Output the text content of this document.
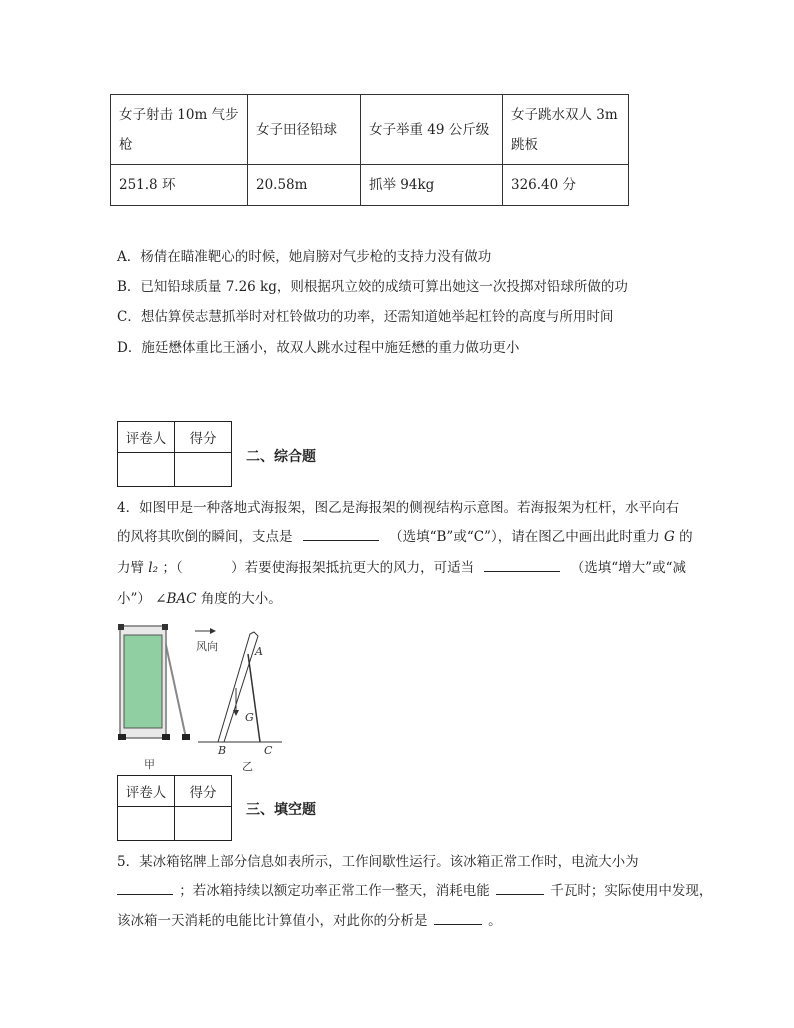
女子射击 10m 气步枪	女子田径铅球	女子举重 49 公斤级	女子跳水双人 3m 跳板
251.8 环	20.58m	抓举 94kg	326.40 分
A．杨倩在瞄准靶心的时候，她肩膀对气步枪的支持力没有做功
B．已知铅球质量 7.26 kg，则根据巩立姣的成绩可算出她这一次投掷对铅球所做的功
C．想估算侯志慧抓举时对杠铃做功的功率，还需知道她举起杠铃的高度与所用时间
D．施廷懋体重比王涵小，故双人跳水过程中施廷懋的重力做功更小
评卷人	得分

二、综合题
4．如图甲是一种落地式海报架，图乙是海报架的侧视结构示意图。若海报架为杠杆，水平向右
的风将其吹倒的瞬间，支点是	（选填“B”或“C”），请在图乙中画出此时重力 G 的
力臂 l₂ ；（	）若要使海报架抵抗更大的风力，可适当	（选填“增大”或“减
小”） ∠BAC 角度的大小。
甲
风向	A
G
B	C
乙
评卷人	得分

三、填空题
5．某冰箱铭牌上部分信息如表所示，工作间歇性运行。该冰箱正常工作时，电流大小为
；若冰箱持续以额定功率正常工作一整天，消耗电能	千瓦时；实际使用中发现，
该冰箱一天消耗的电能比计算值小，对此你的分析是	。
